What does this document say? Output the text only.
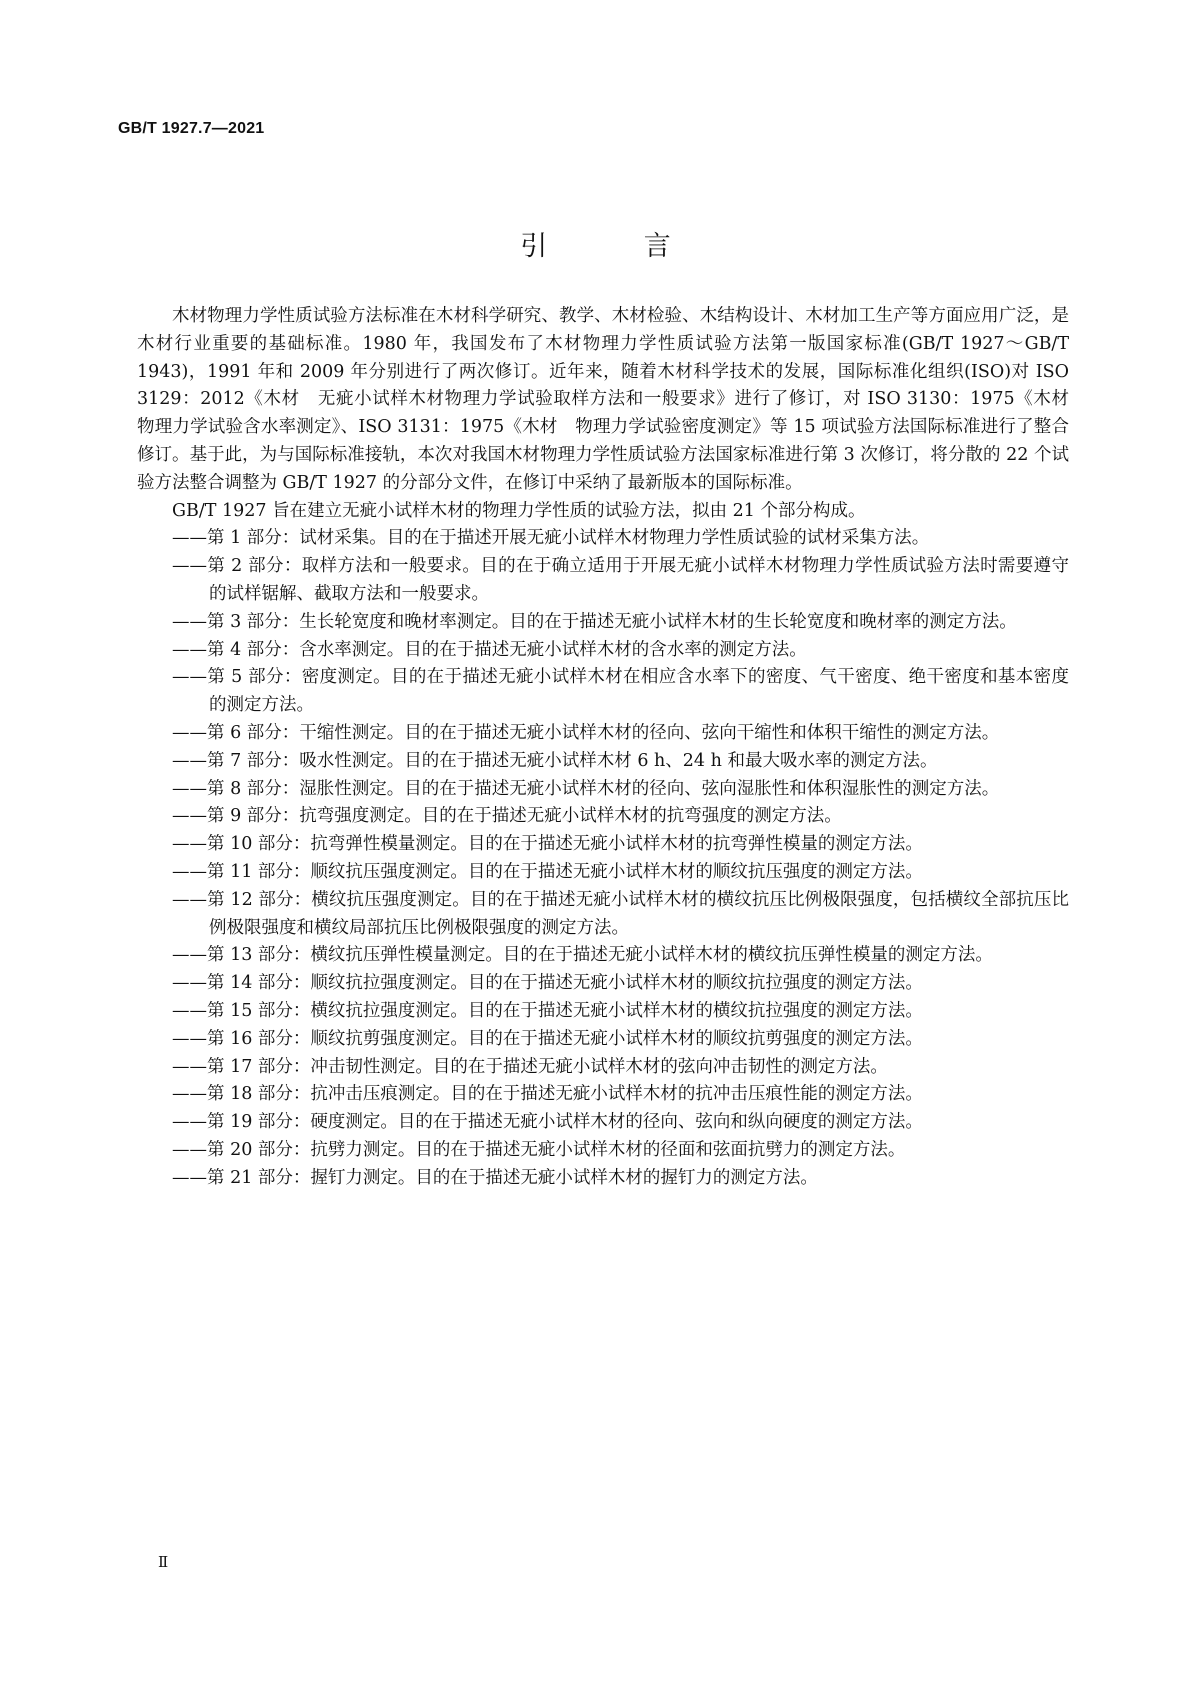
GB/T 1927.7—2021
引 言

木材物理力学性质试验方法标准在木材科学研究、教学、木材检验、木结构设计、木材加工生产等方面应用广泛，是木材行业重要的基础标准。1980 年，我国发布了木材物理力学性质试验方法第一版国家标准(GB/T 1927～GB/T 1943)，1991 年和 2009 年分别进行了两次修订。近年来，随着木材科学技术的发展，国际标准化组织(ISO)对 ISO 3129：2012《木材　无疵小试样木材物理力学试验取样方法和一般要求》进行了修订，对 ISO 3130：1975《木材　物理力学试验含水率测定》、ISO 3131：1975《木材　物理力学试验密度测定》等 15 项试验方法国际标准进行了整合修订。基于此，为与国际标准接轨，本次对我国木材物理力学性质试验方法国家标准进行第 3 次修订，将分散的 22 个试验方法整合调整为 GB/T 1927 的分部分文件，在修订中采纳了最新版本的国际标准。

GB/T 1927 旨在建立无疵小试样木材的物理力学性质的试验方法，拟由 21 个部分构成。

——第 1 部分：试材采集。目的在于描述开展无疵小试样木材物理力学性质试验的试材采集方法。
——第 2 部分：取样方法和一般要求。目的在于确立适用于开展无疵小试样木材物理力学性质试验方法时需要遵守的试样锯解、截取方法和一般要求。
——第 3 部分：生长轮宽度和晚材率测定。目的在于描述无疵小试样木材的生长轮宽度和晚材率的测定方法。
——第 4 部分：含水率测定。目的在于描述无疵小试样木材的含水率的测定方法。
——第 5 部分：密度测定。目的在于描述无疵小试样木材在相应含水率下的密度、气干密度、绝干密度和基本密度的测定方法。
——第 6 部分：干缩性测定。目的在于描述无疵小试样木材的径向、弦向干缩性和体积干缩性的测定方法。
——第 7 部分：吸水性测定。目的在于描述无疵小试样木材 6 h、24 h 和最大吸水率的测定方法。
——第 8 部分：湿胀性测定。目的在于描述无疵小试样木材的径向、弦向湿胀性和体积湿胀性的测定方法。
——第 9 部分：抗弯强度测定。目的在于描述无疵小试样木材的抗弯强度的测定方法。
——第 10 部分：抗弯弹性模量测定。目的在于描述无疵小试样木材的抗弯弹性模量的测定方法。
——第 11 部分：顺纹抗压强度测定。目的在于描述无疵小试样木材的顺纹抗压强度的测定方法。
——第 12 部分：横纹抗压强度测定。目的在于描述无疵小试样木材的横纹抗压比例极限强度，包括横纹全部抗压比例极限强度和横纹局部抗压比例极限强度的测定方法。
——第 13 部分：横纹抗压弹性模量测定。目的在于描述无疵小试样木材的横纹抗压弹性模量的测定方法。
——第 14 部分：顺纹抗拉强度测定。目的在于描述无疵小试样木材的顺纹抗拉强度的测定方法。
——第 15 部分：横纹抗拉强度测定。目的在于描述无疵小试样木材的横纹抗拉强度的测定方法。
——第 16 部分：顺纹抗剪强度测定。目的在于描述无疵小试样木材的顺纹抗剪强度的测定方法。
——第 17 部分：冲击韧性测定。目的在于描述无疵小试样木材的弦向冲击韧性的测定方法。
——第 18 部分：抗冲击压痕测定。目的在于描述无疵小试样木材的抗冲击压痕性能的测定方法。
——第 19 部分：硬度测定。目的在于描述无疵小试样木材的径向、弦向和纵向硬度的测定方法。
——第 20 部分：抗劈力测定。目的在于描述无疵小试样木材的径面和弦面抗劈力的测定方法。
——第 21 部分：握钉力测定。目的在于描述无疵小试样木材的握钉力的测定方法。
Ⅱ
